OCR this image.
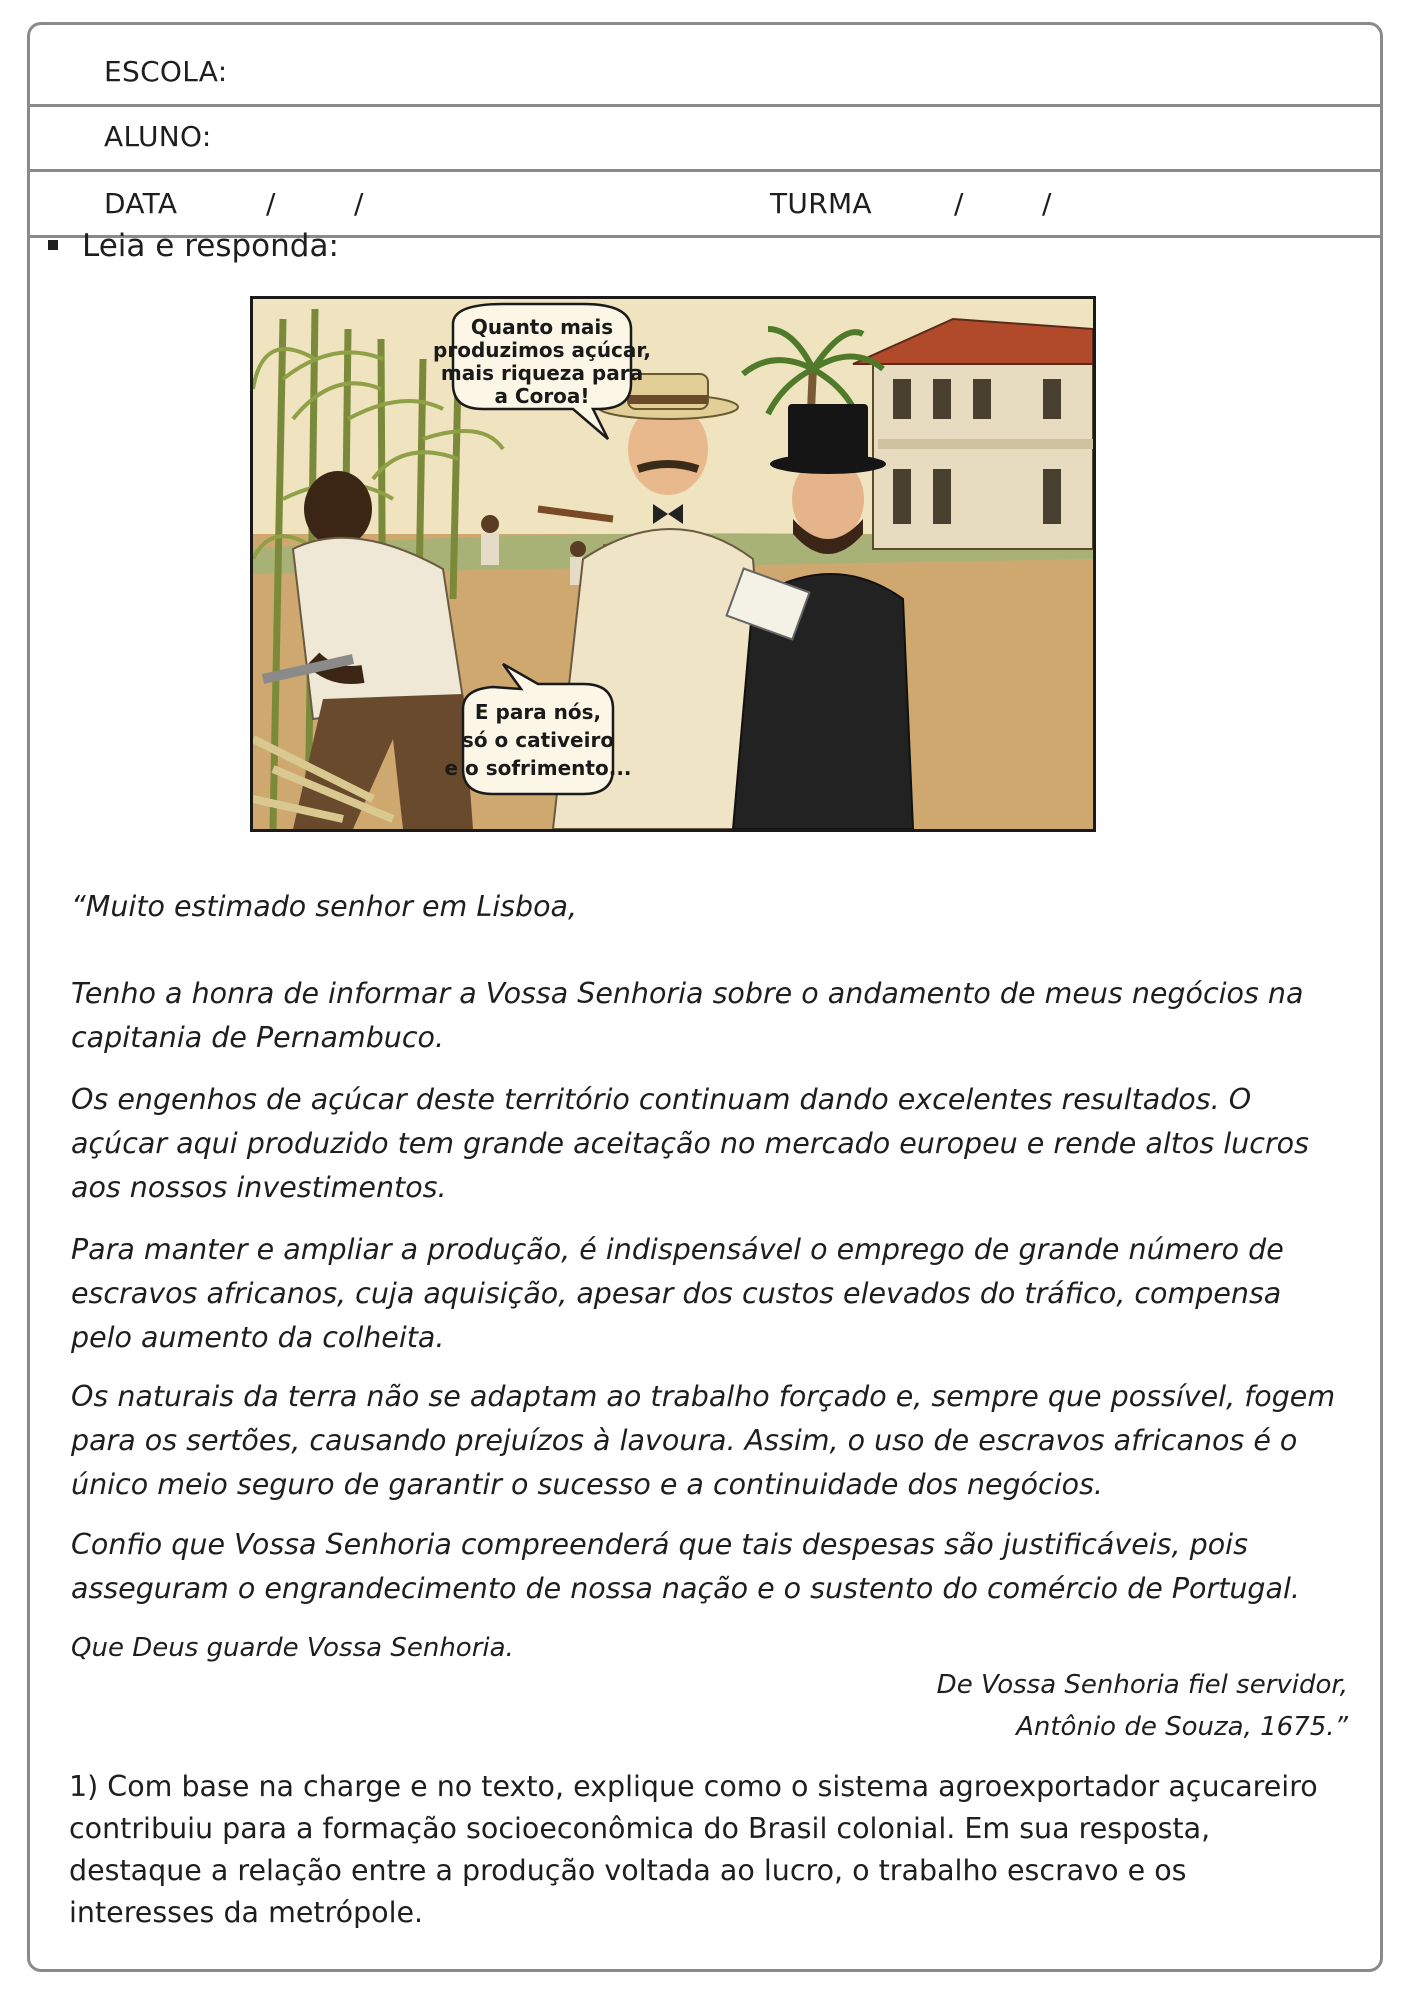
ESCOLA:
ALUNO:
DATA	/	/	TURMA	/	/
Leia e responda:
Quanto mais
produzimos açúcar,
mais riqueza para
a Coroa!
E para nós,
só o cativeiro
e o sofrimento...

“Muito estimado senhor em Lisboa,

Tenho a honra de informar a Vossa Senhoria sobre o andamento de meus negócios na capitania de Pernambuco.

Os engenhos de açúcar deste território continuam dando excelentes resultados. O açúcar aqui produzido tem grande aceitação no mercado europeu e rende altos lucros aos nossos investimentos.

Para manter e ampliar a produção, é indispensável o emprego de grande número de escravos africanos, cuja aquisição, apesar dos custos elevados do tráfico, compensa pelo aumento da colheita.

Os naturais da terra não se adaptam ao trabalho forçado e, sempre que possível, fogem para os sertões, causando prejuízos à lavoura. Assim, o uso de escravos africanos é o único meio seguro de garantir o sucesso e a continuidade dos negócios.

Confio que Vossa Senhoria compreenderá que tais despesas são justificáveis, pois asseguram o engrandecimento de nossa nação e o sustento do comércio de Portugal.

Que Deus guarde Vossa Senhoria.

De Vossa Senhoria fiel servidor,
Antônio de Souza, 1675.”

1) Com base na charge e no texto, explique como o sistema agroexportador açucareiro contribuiu para a formação socioeconômica do Brasil colonial. Em sua resposta, destaque a relação entre a produção voltada ao lucro, o trabalho escravo e os interesses da metrópole.
